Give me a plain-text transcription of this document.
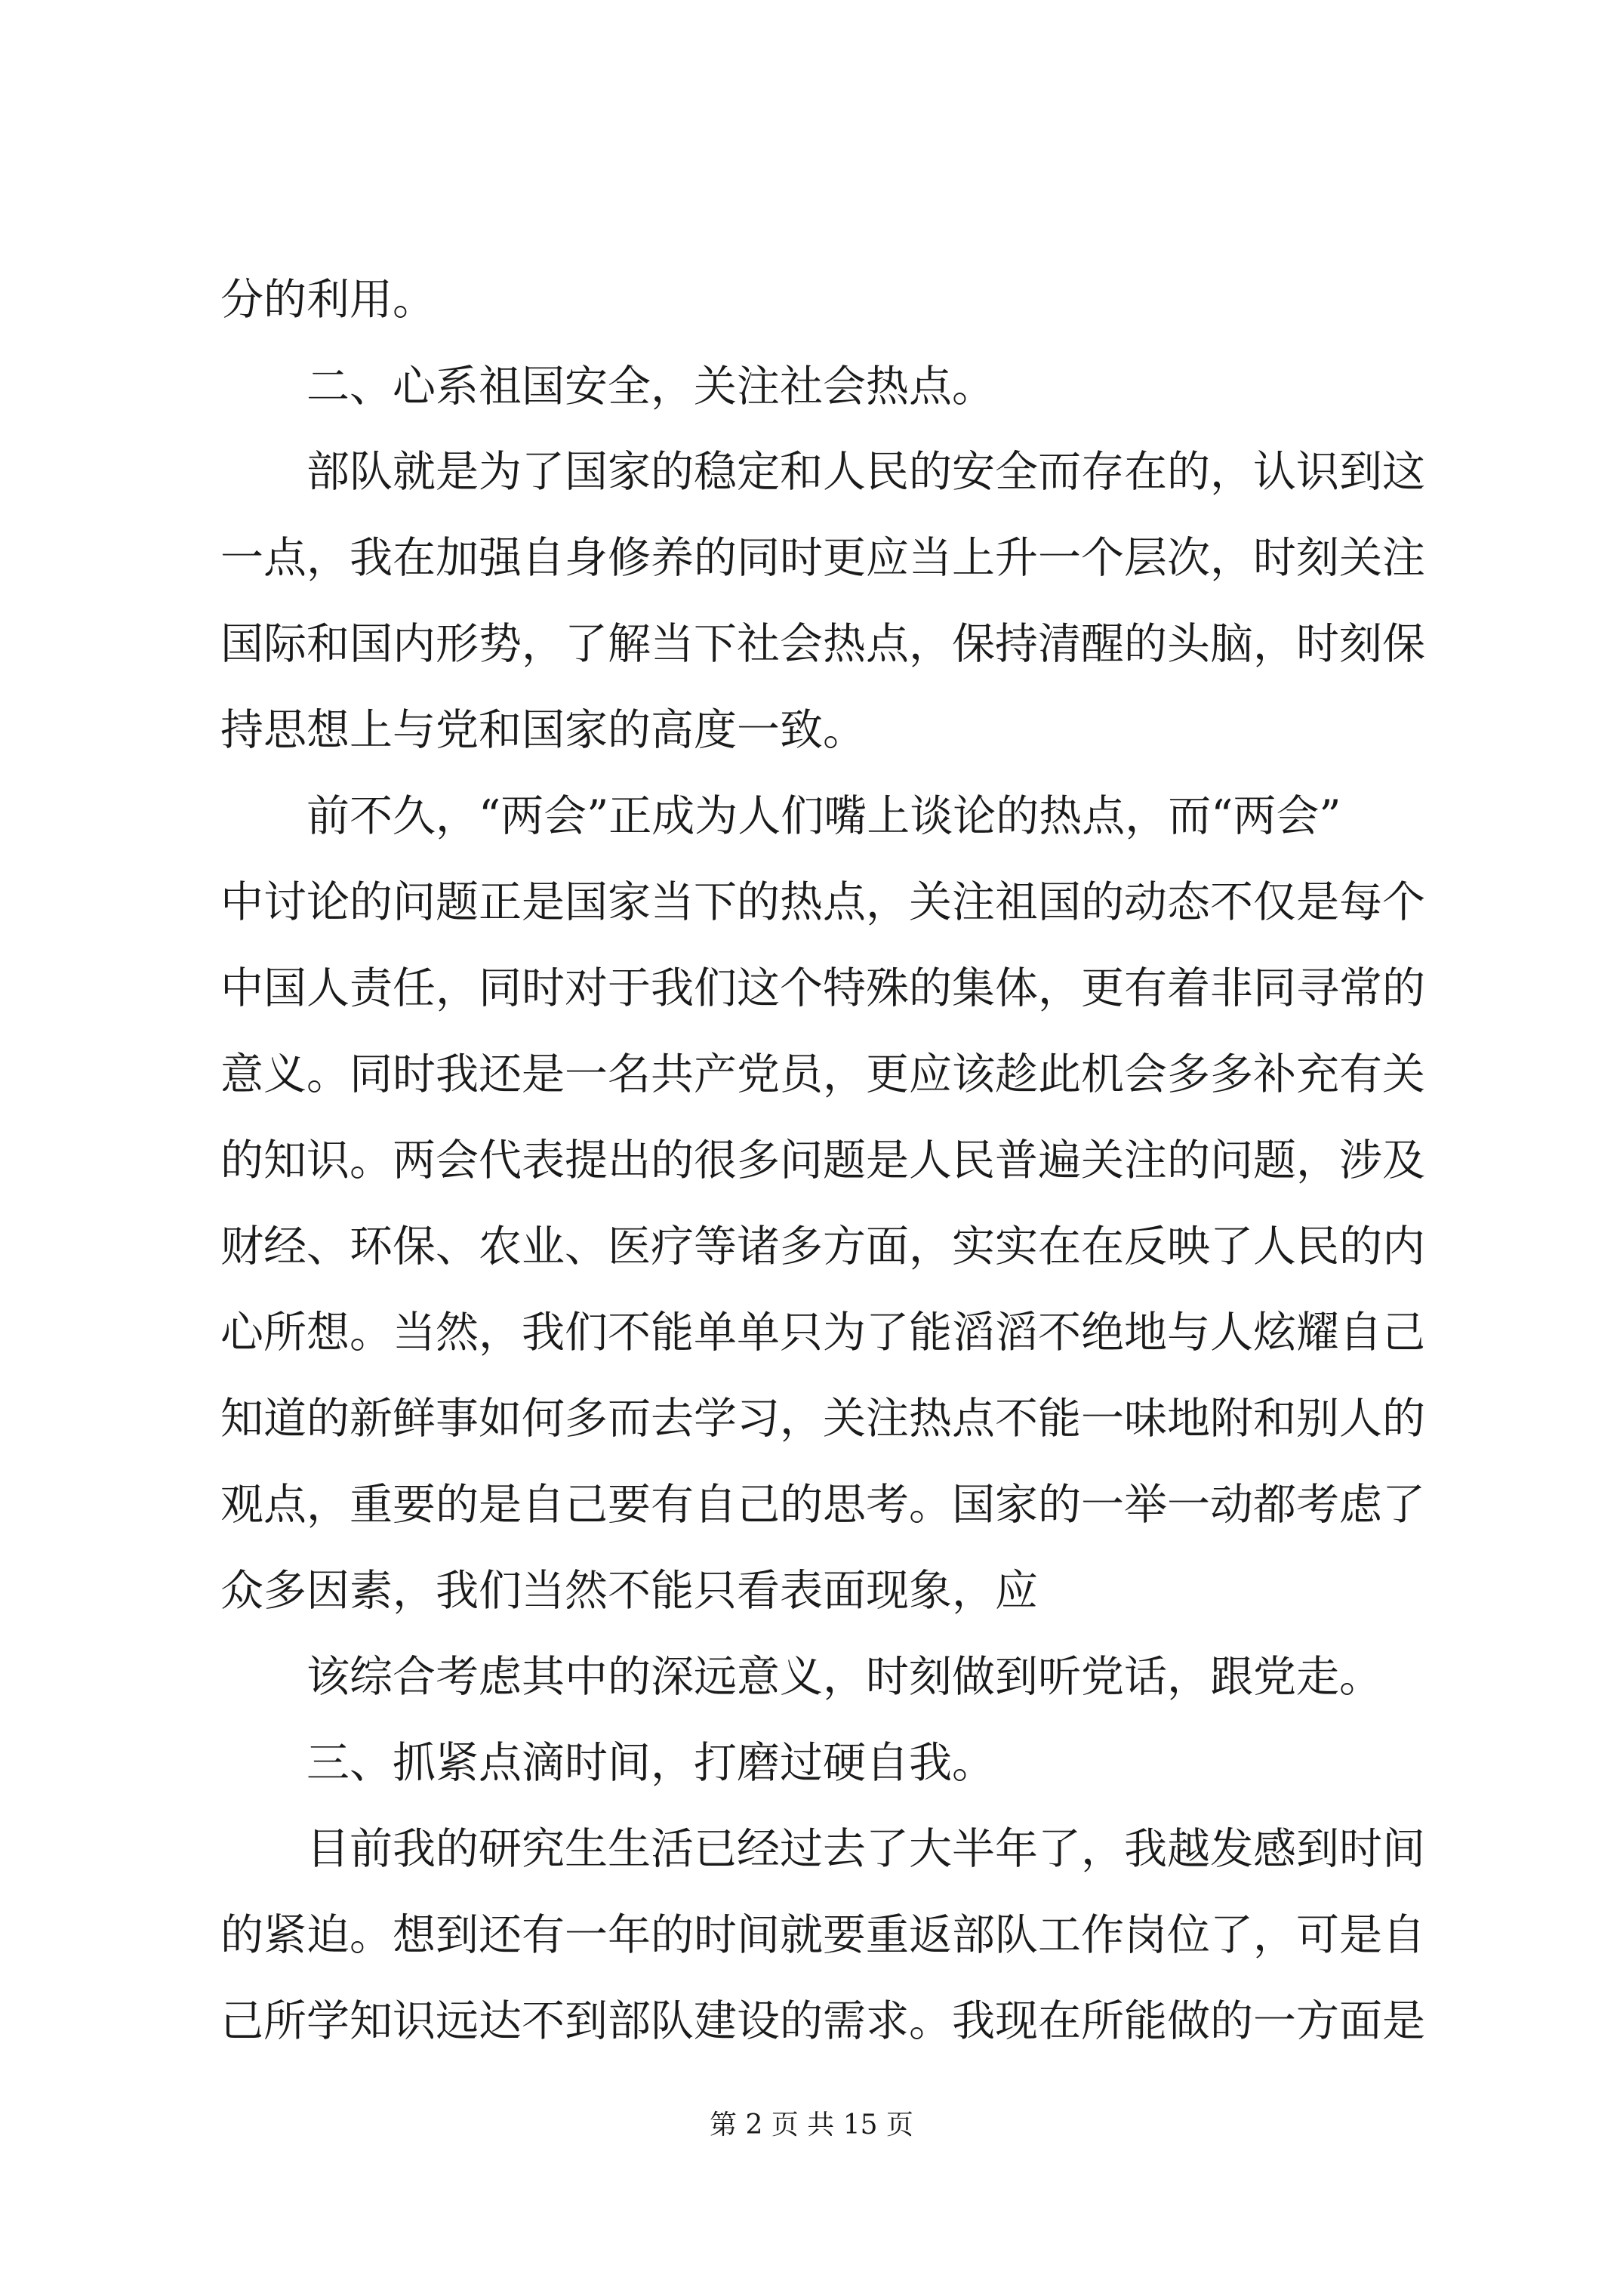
分的利用。
二、心系祖国安全，关注社会热点。
部队就是为了国家的稳定和人民的安全而存在的，认识到这
一点，我在加强自身修养的同时更应当上升一个层次，时刻关注
国际和国内形势，了解当下社会热点，保持清醒的头脑，时刻保
持思想上与党和国家的高度一致。
前不久，“两会”正成为人们嘴上谈论的热点，而“两会”
中讨论的问题正是国家当下的热点，关注祖国的动态不仅是每个
中国人责任，同时对于我们这个特殊的集体，更有着非同寻常的
意义。同时我还是一名共产党员，更应该趁此机会多多补充有关
的知识。两会代表提出的很多问题是人民普遍关注的问题，涉及
财经、环保、农业、医疗等诸多方面，实实在在反映了人民的内
心所想。当然，我们不能单单只为了能滔滔不绝地与人炫耀自己
知道的新鲜事如何多而去学习，关注热点不能一味地附和别人的
观点，重要的是自己要有自己的思考。国家的一举一动都考虑了
众多因素，我们当然不能只看表面现象，应
该综合考虑其中的深远意义，时刻做到听党话，跟党走。
三、抓紧点滴时间，打磨过硬自我。
目前我的研究生生活已经过去了大半年了，我越发感到时间
的紧迫。想到还有一年的时间就要重返部队工作岗位了，可是自
己所学知识远达不到部队建设的需求。我现在所能做的一方面是
第 2 页 共 15 页
